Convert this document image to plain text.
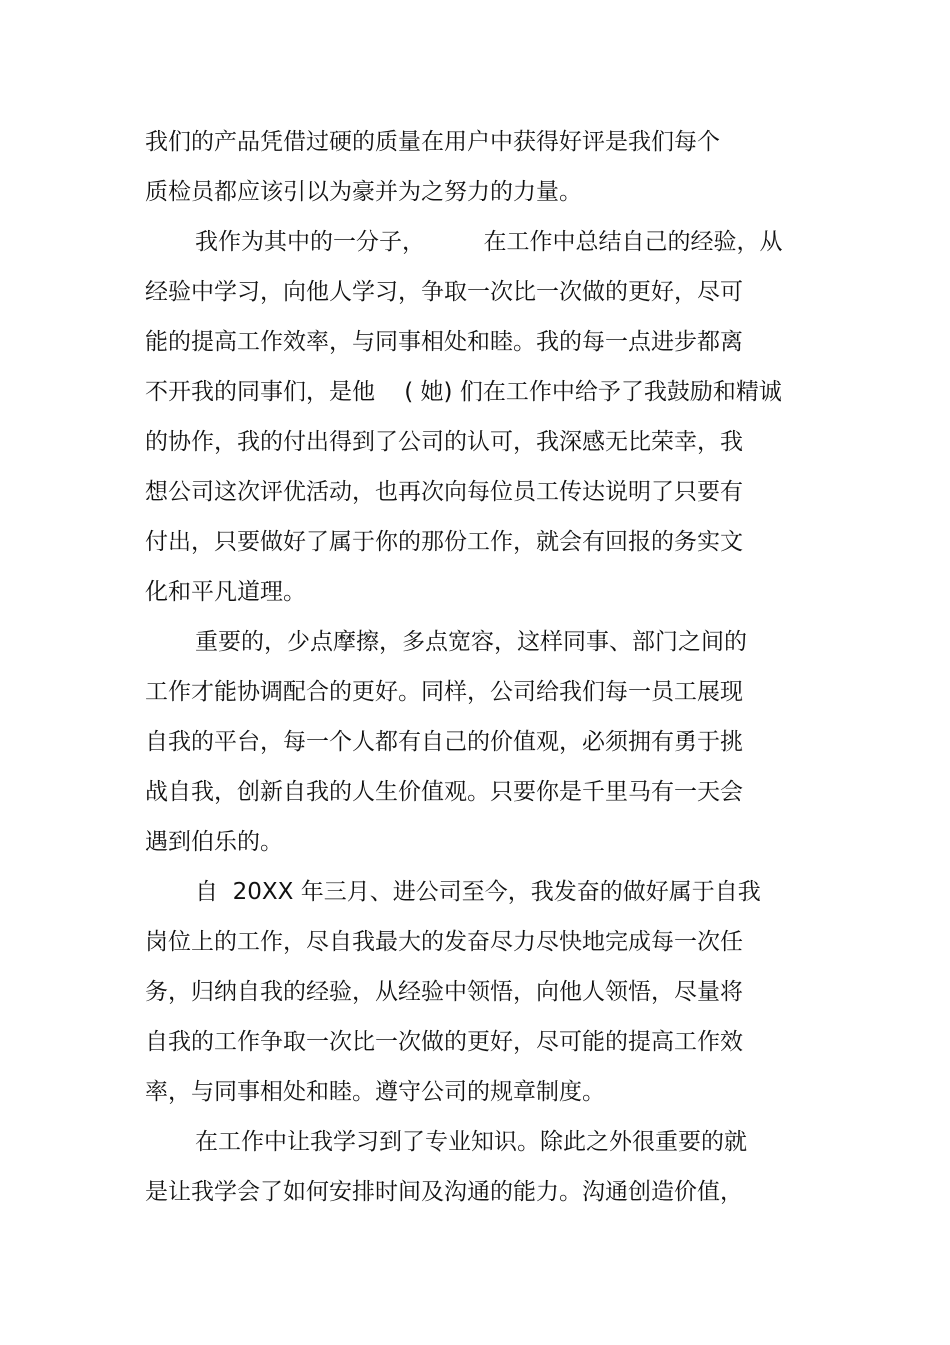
我们的产品凭借过硬的质量在用户中获得好评是我们每个

质检员都应该引以为豪并为之努力的力量。

我作为其中的一分子，        在工作中总结自己的经验，从

经验中学习，向他人学习，争取一次比一次做的更好，尽可

能的提高工作效率，与同事相处和睦。我的每一点进步都离

不开我的同事们，是他    ( 她) 们在工作中给予了我鼓励和精诚

的协作，我的付出得到了公司的认可，我深感无比荣幸，我

想公司这次评优活动，也再次向每位员工传达说明了只要有

付出，只要做好了属于你的那份工作，就会有回报的务实文

化和平凡道理。

重要的，少点摩擦，多点宽容，这样同事、部门之间的

工作才能协调配合的更好。同样，公司给我们每一员工展现

自我的平台，每一个人都有自己的价值观，必须拥有勇于挑

战自我，创新自我的人生价值观。只要你是千里马有一天会

遇到伯乐的。

自  20XX 年三月、进公司至今，我发奋的做好属于自我

岗位上的工作，尽自我最大的发奋尽力尽快地完成每一次任

务，归纳自我的经验，从经验中领悟，向他人领悟，尽量将

自我的工作争取一次比一次做的更好，尽可能的提高工作效

率，与同事相处和睦。遵守公司的规章制度。

在工作中让我学习到了专业知识。除此之外很重要的就

是让我学会了如何安排时间及沟通的能力。沟通创造价值，
